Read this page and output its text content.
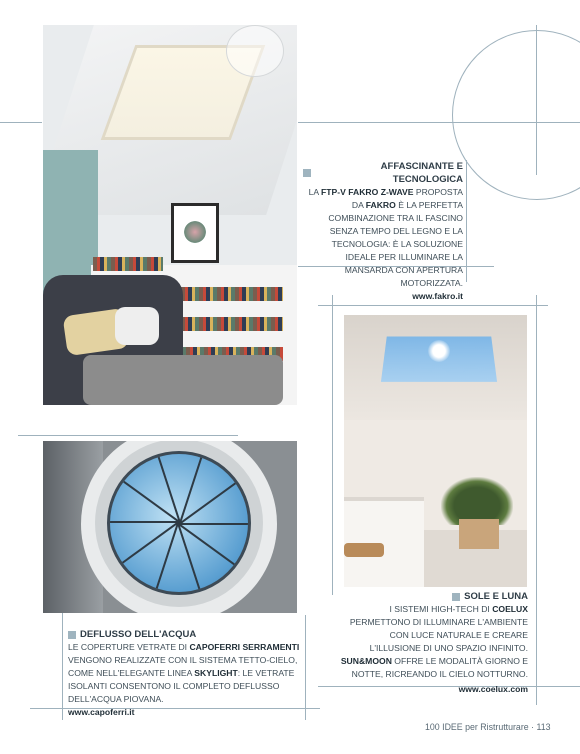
AFFASCINANTE E TECNOLOGICA
LA FTP-V FAKRO Z-WAVE PROPOSTA DA FAKRO È LA PERFETTA COMBINAZIONE TRA IL FASCINO SENZA TEMPO DEL LEGNO E LA TECNOLOGIA: È LA SOLUZIONE IDEALE PER ILLUMINARE LA MANSARDA CON APERTURA MOTORIZZATA.
www.fakro.it
SOLE E LUNA
I SISTEMI HIGH-TECH DI COELUX PERMETTONO DI ILLUMINARE L'AMBIENTE CON LUCE NATURALE E CREARE L'ILLUSIONE DI UNO SPAZIO INFINITO. SUN&MOON OFFRE LE MODALITÀ GIORNO E NOTTE, RICREANDO IL CIELO NOTTURNO.
www.coelux.com
DEFLUSSO DELL'ACQUA
LE COPERTURE VETRATE DI CAPOFERRI SERRAMENTI VENGONO REALIZZATE CON IL SISTEMA TETTO-CIELO, COME NELL'ELEGANTE LINEA SKYLIGHT: LE VETRATE ISOLANTI CONSENTONO IL COMPLETO DEFLUSSO DELL'ACQUA PIOVANA.
www.capoferri.it
100 IDEE per Ristrutturare · 113
